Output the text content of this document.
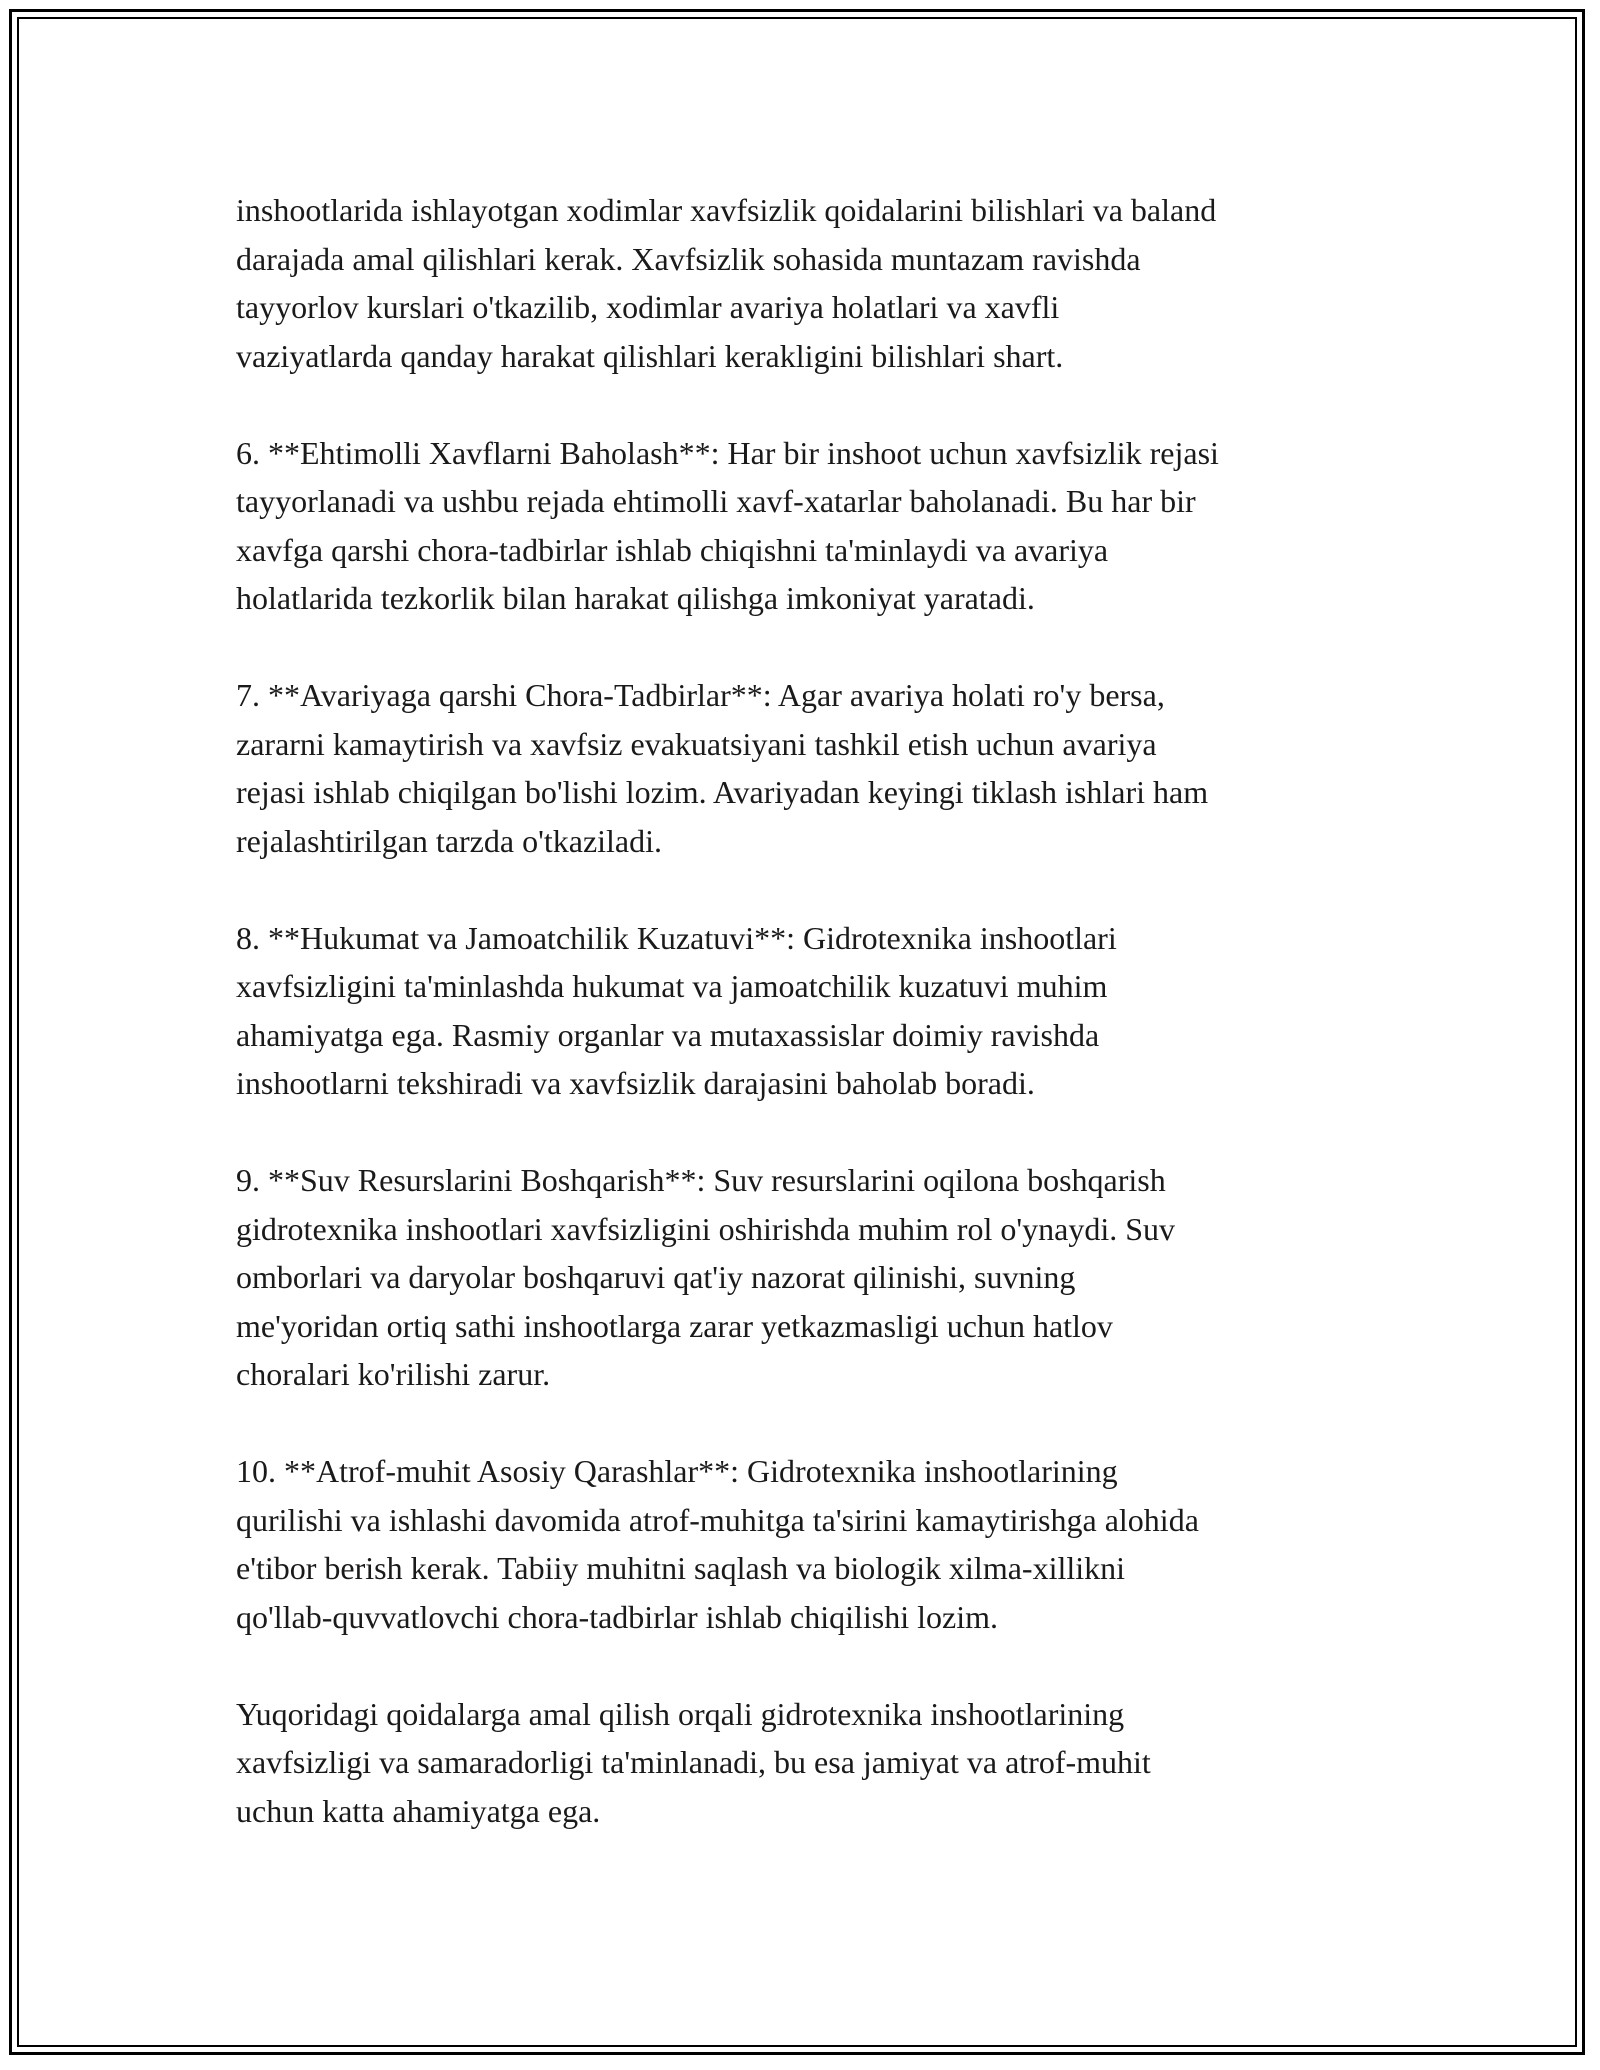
inshootlarida ishlayotgan xodimlar xavfsizlik qoidalarini bilishlari va baland
darajada amal qilishlari kerak. Xavfsizlik sohasida muntazam ravishda
tayyorlov kurslari o'tkazilib, xodimlar avariya holatlari va xavfli
vaziyatlarda qanday harakat qilishlari kerakligini bilishlari shart.

6. **Ehtimolli Xavflarni Baholash**: Har bir inshoot uchun xavfsizlik rejasi
tayyorlanadi va ushbu rejada ehtimolli xavf-xatarlar baholanadi. Bu har bir
xavfga qarshi chora-tadbirlar ishlab chiqishni ta'minlaydi va avariya
holatlarida tezkorlik bilan harakat qilishga imkoniyat yaratadi.

7. **Avariyaga qarshi Chora-Tadbirlar**: Agar avariya holati ro'y bersa,
zararni kamaytirish va xavfsiz evakuatsiyani tashkil etish uchun avariya
rejasi ishlab chiqilgan bo'lishi lozim. Avariyadan keyingi tiklash ishlari ham
rejalashtirilgan tarzda o'tkaziladi.

8. **Hukumat va Jamoatchilik Kuzatuvi**: Gidrotexnika inshootlari
xavfsizligini ta'minlashda hukumat va jamoatchilik kuzatuvi muhim
ahamiyatga ega. Rasmiy organlar va mutaxassislar doimiy ravishda
inshootlarni tekshiradi va xavfsizlik darajasini baholab boradi.

9. **Suv Resurslarini Boshqarish**: Suv resurslarini oqilona boshqarish
gidrotexnika inshootlari xavfsizligini oshirishda muhim rol o'ynaydi. Suv
omborlari va daryolar boshqaruvi qat'iy nazorat qilinishi, suvning
me'yoridan ortiq sathi inshootlarga zarar yetkazmasligi uchun hatlov
choralari ko'rilishi zarur.

10. **Atrof-muhit Asosiy Qarashlar**: Gidrotexnika inshootlarining
qurilishi va ishlashi davomida atrof-muhitga ta'sirini kamaytirishga alohida
e'tibor berish kerak. Tabiiy muhitni saqlash va biologik xilma-xillikni
qo'llab-quvvatlovchi chora-tadbirlar ishlab chiqilishi lozim.

Yuqoridagi qoidalarga amal qilish orqali gidrotexnika inshootlarining
xavfsizligi va samaradorligi ta'minlanadi, bu esa jamiyat va atrof-muhit
uchun katta ahamiyatga ega.
